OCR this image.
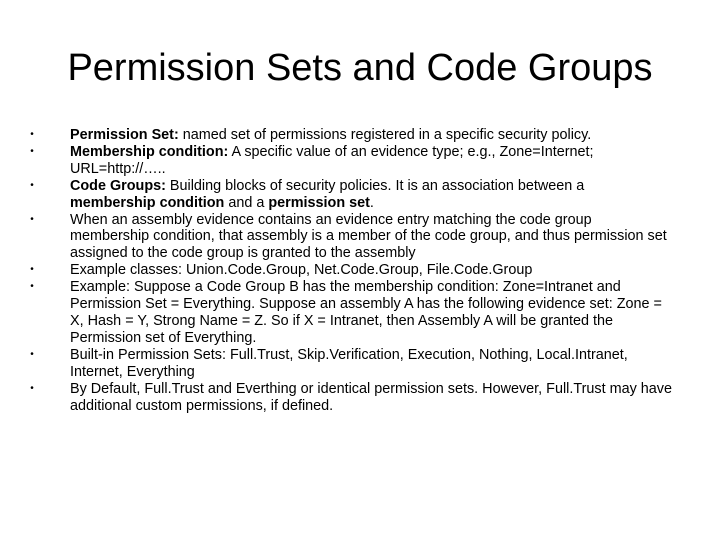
Permission Sets and Code Groups
•	Permission Set: named set of permissions registered in a specific security policy.
•	Membership condition: A specific value of an evidence type; e.g., Zone=Internet; URL=http://…..
•	Code Groups: Building blocks of security policies. It is an association between a membership condition and a permission set.
•	When an assembly evidence contains an evidence entry matching the code group membership condition, that assembly is a member of the code group, and thus permission set assigned to the code group is granted to the assembly
•	Example classes: Union.Code.Group, Net.Code.Group, File.Code.Group
•	Example: Suppose a Code Group B has the membership condition: Zone=Intranet and Permission Set = Everything. Suppose an assembly A has the following evidence set: Zone = X, Hash = Y, Strong Name = Z. So if X = Intranet, then Assembly A will be granted the Permission set of Everything.
•	Built-in Permission Sets: Full.Trust, Skip.Verification, Execution, Nothing, Local.Intranet, Internet, Everything
•	By Default, Full.Trust and Everthing or identical permission sets. However, Full.Trust may have additional custom permissions, if defined.
